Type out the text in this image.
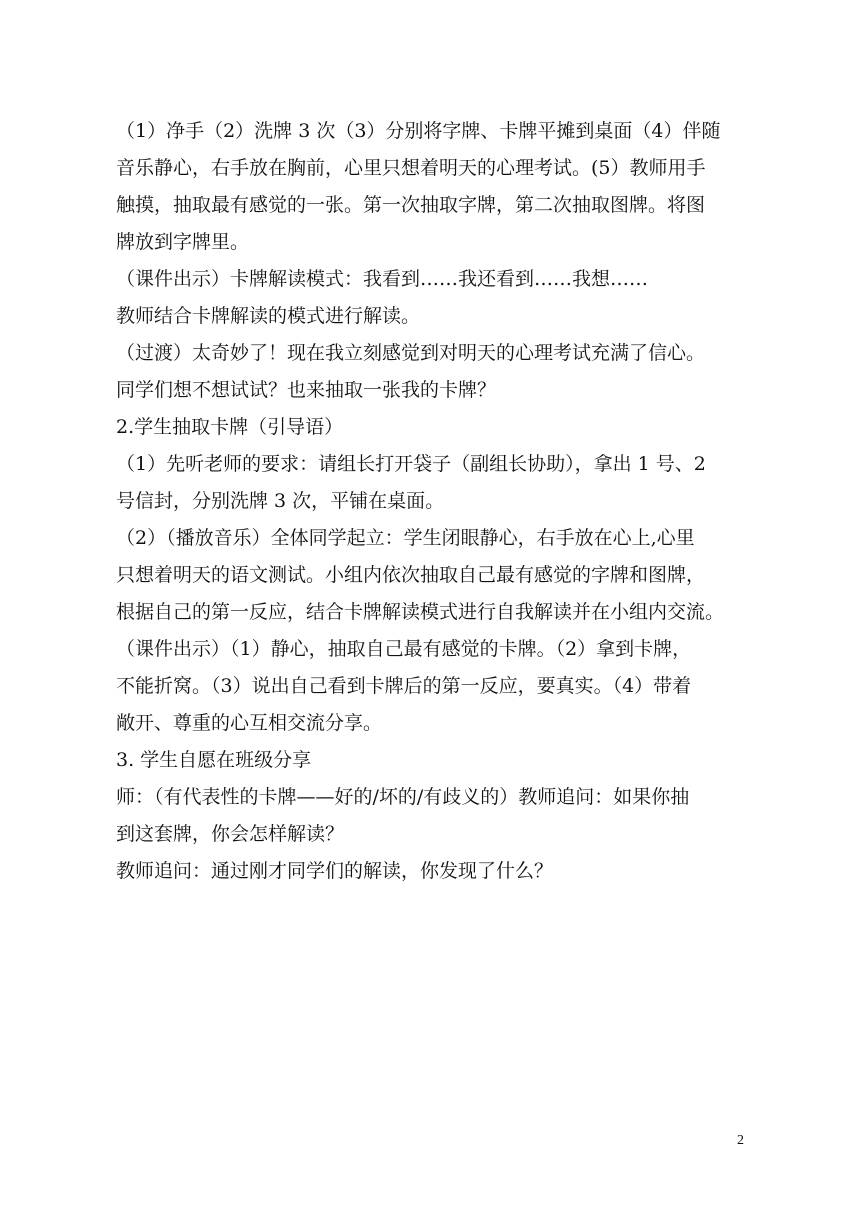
（1）净手（2）洗牌 3 次（3）分别将字牌、卡牌平摊到桌面（4）伴随
音乐静心，右手放在胸前，心里只想着明天的心理考试。(5）教师用手
触摸，抽取最有感觉的一张。第一次抽取字牌，第二次抽取图牌。将图
牌放到字牌里。
（课件出示）卡牌解读模式：我看到……我还看到……我想……
教师结合卡牌解读的模式进行解读。
（过渡）太奇妙了！现在我立刻感觉到对明天的心理考试充满了信心。
同学们想不想试试？也来抽取一张我的卡牌？
2.学生抽取卡牌（引导语）
（1）先听老师的要求：请组长打开袋子（副组长协助），拿出 1 号、2
号信封，分别洗牌 3 次，平铺在桌面。
（2）（播放音乐）全体同学起立：学生闭眼静心，右手放在心上,心里
只想着明天的语文测试。小组内依次抽取自己最有感觉的字牌和图牌，
根据自己的第一反应，结合卡牌解读模式进行自我解读并在小组内交流。
（课件出示）（1）静心，抽取自己最有感觉的卡牌。（2）拿到卡牌，
不能折窝。（3）说出自己看到卡牌后的第一反应，要真实。（4）带着
敞开、尊重的心互相交流分享。
3. 学生自愿在班级分享
师：（有代表性的卡牌——好的/坏的/有歧义的）教师追问：如果你抽
到这套牌，你会怎样解读？
教师追问：通过刚才同学们的解读，你发现了什么？
2
